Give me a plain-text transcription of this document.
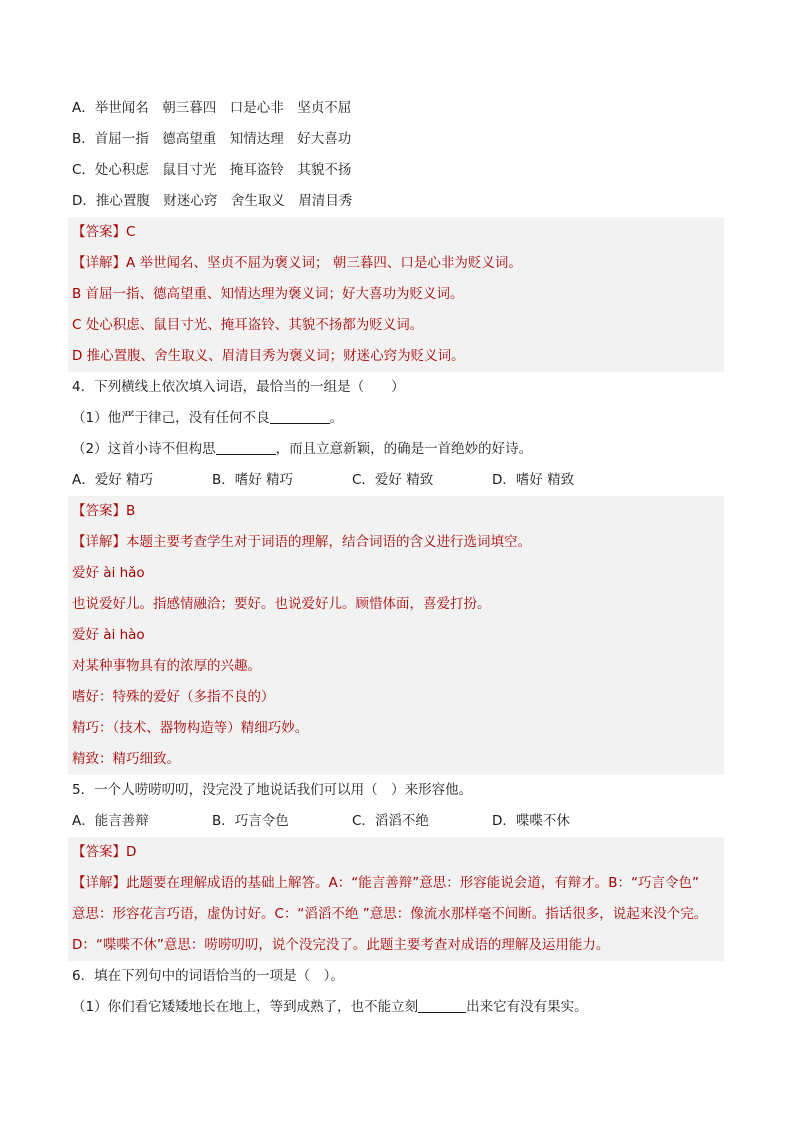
A．举世闻名　朝三暮四　口是心非　坚贞不屈
B．首屈一指　德高望重　知情达理　好大喜功
C．处心积虑　鼠目寸光　掩耳盗铃　其貌不扬
D．推心置腹　财迷心窍　舍生取义　眉清目秀
【答案】C
【详解】A 举世闻名、坚贞不屈为褒义词； 朝三暮四、口是心非为贬义词。
B 首屈一指、德高望重、知情达理为褒义词；好大喜功为贬义词。
C 处心积虑、鼠目寸光、掩耳盗铃、其貌不扬都为贬义词。
D 推心置腹、舍生取义、眉清目秀为褒义词；财迷心窍为贬义词。
4．下列横线上依次填入词语，最恰当的一组是（　　）
（1）他严于律己，没有任何不良	。
（2）这首小诗不但构思	，而且立意新颖，的确是一首绝妙的好诗。
A．爱好 精巧	B．嗜好 精巧	C．爱好 精致	D．嗜好 精致
【答案】B
【详解】本题主要考查学生对于词语的理解，结合词语的含义进行选词填空。
爱好 ài hǎo
也说爱好儿。指感情融洽；要好。也说爱好儿。顾惜体面，喜爱打扮。
爱好 ài hào
对某种事物具有的浓厚的兴趣。
嗜好：特殊的爱好（多指不良的）
精巧：（技术、器物构造等）精细巧妙。
精致：精巧细致。
5．一个人唠唠叨叨，没完没了地说话我们可以用（　）来形容他。
A．能言善辩	B．巧言令色	C．滔滔不绝	D．喋喋不休
【答案】D
【详解】此题要在理解成语的基础上解答。A：“能言善辩”意思：形容能说会道，有辩才。B：“巧言令色”
意思：形容花言巧语，虚伪讨好。C：“滔滔不绝 ”意思：像流水那样毫不间断。指话很多，说起来没个完。
D：“喋喋不休”意思：唠唠叨叨，说个没完没了。此题主要考查对成语的理解及运用能力。
6．填在下列句中的词语恰当的一项是（　）。
（1）你们看它矮矮地长在地上，等到成熟了，也不能立刻	出来它有没有果实。
